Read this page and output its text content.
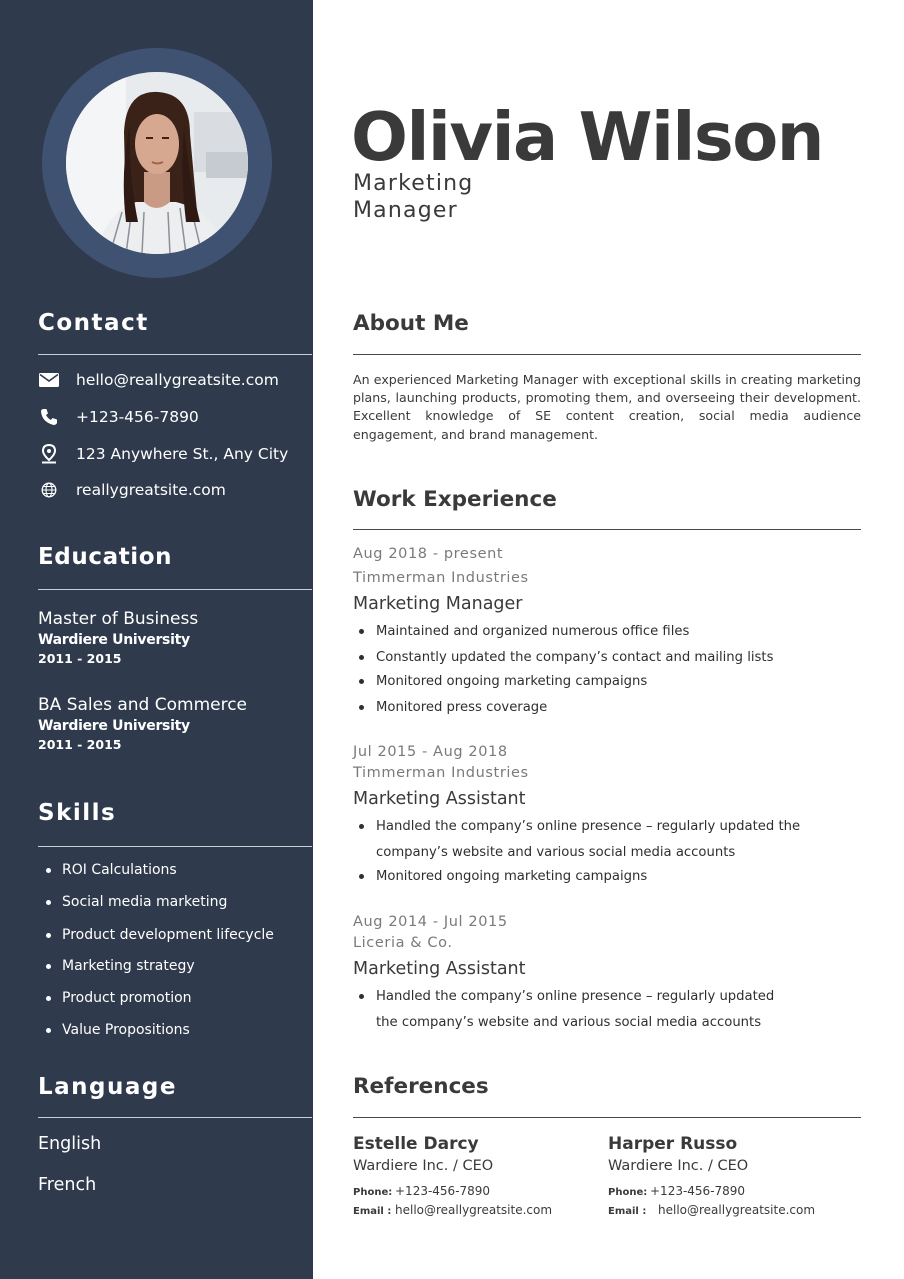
Contact
hello@reallygreatsite.com
+123-456-7890
123 Anywhere St., Any City
reallygreatsite.com
Education
Master of Business
Wardiere University
2011 - 2015
BA Sales and Commerce
Wardiere University
2011 - 2015
Skills
ROI Calculations
Social media marketing
Product development lifecycle
Marketing strategy
Product promotion
Value Propositions
Language
English
French
Olivia Wilson
Marketing Manager
About Me
An experienced Marketing Manager with exceptional skills in creating marketing plans, launching products, promoting them, and overseeing their development. Excellent knowledge of SE content creation, social media audience engagement, and brand management.
Work Experience
Aug 2018 - present
Timmerman Industries
Marketing Manager
Maintained and organized numerous office files
Constantly updated the company’s contact and mailing lists
Monitored ongoing marketing campaigns
Monitored press coverage
Jul 2015 - Aug 2018
Timmerman Industries
Marketing Assistant
Handled the company’s online presence – regularly updated the
company’s website and various social media accounts
Monitored ongoing marketing campaigns
Aug 2014 - Jul 2015
Liceria & Co.
Marketing Assistant
Handled the company’s online presence – regularly updated
the company’s website and various social media accounts
References
Estelle Darcy
Wardiere Inc. / CEO
Phone: +123-456-7890
Email : hello@reallygreatsite.com
Harper Russo
Wardiere Inc. / CEO
Phone: +123-456-7890
Email : hello@reallygreatsite.com
